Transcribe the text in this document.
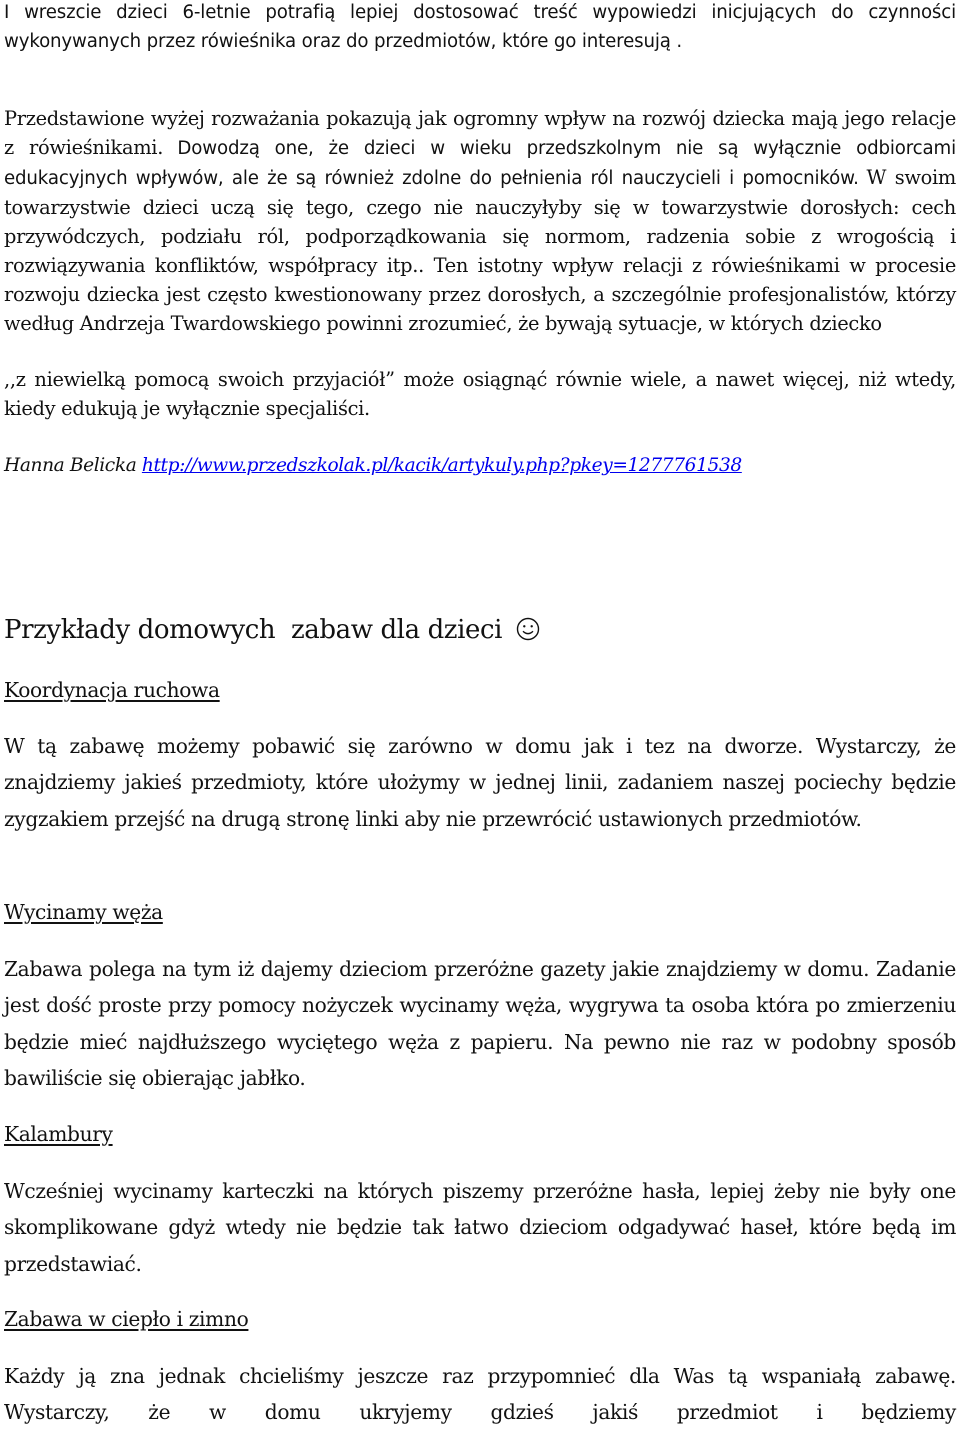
I wreszcie dzieci 6-letnie potrafią lepiej dostosować treść wypowiedzi inicjujących do czynności wykonywanych przez rówieśnika oraz do przedmiotów, które go interesują .

Przedstawione wyżej rozważania pokazują jak ogromny wpływ na rozwój dziecka mają jego relacje z rówieśnikami. Dowodzą one, że dzieci w wieku przedszkolnym nie są wyłącznie odbiorcami edukacyjnych wpływów, ale że są również zdolne do pełnienia ról nauczycieli i pomocników. W swoim towarzystwie dzieci uczą się tego, czego nie nauczyłyby się w towarzystwie dorosłych: cech przywódczych, podziału ról, podporządkowania się normom, radzenia sobie z wrogością i rozwiązywania konfliktów, współpracy itp.. Ten istotny wpływ relacji z rówieśnikami w procesie rozwoju dziecka jest często kwestionowany przez dorosłych, a szczególnie profesjonalistów, którzy według Andrzeja Twardowskiego powinni zrozumieć, że bywają sytuacje, w których dziecko

,,z niewielką pomocą swoich przyjaciół” może osiągnąć równie wiele, a nawet więcej, niż wtedy, kiedy edukują je wyłącznie specjaliści.

Hanna Belicka http://www.przedszkolak.pl/kacik/artykuly.php?pkey=1277761538
Przykłady domowych  zabaw dla dzieci
Koordynacja ruchowa

W tą zabawę możemy pobawić się zarówno w domu jak i tez na dworze. Wystarczy, że znajdziemy jakieś przedmioty, które ułożymy w jednej linii, zadaniem naszej pociechy będzie zygzakiem przejść na drugą stronę linki aby nie przewrócić ustawionych przedmiotów.

Wycinamy węża

Zabawa polega na tym iż dajemy dzieciom przeróżne gazety jakie znajdziemy w domu. Zadanie jest dość proste przy pomocy nożyczek wycinamy węża, wygrywa ta osoba która po zmierzeniu będzie mieć najdłuższego wyciętego węża z papieru. Na pewno nie raz w podobny sposób bawiliście się obierając jabłko.

Kalambury

Wcześniej wycinamy karteczki na których piszemy przeróżne hasła, lepiej żeby nie były one skomplikowane gdyż wtedy nie będzie tak łatwo dzieciom odgadywać haseł, które będą im przedstawiać.

Zabawa w ciepło i zimno

Każdy ją zna jednak chcieliśmy jeszcze raz przypomnieć dla Was tą wspaniałą zabawę. Wystarczy, że w domu ukryjemy gdzieś jakiś przedmiot i będziemy
